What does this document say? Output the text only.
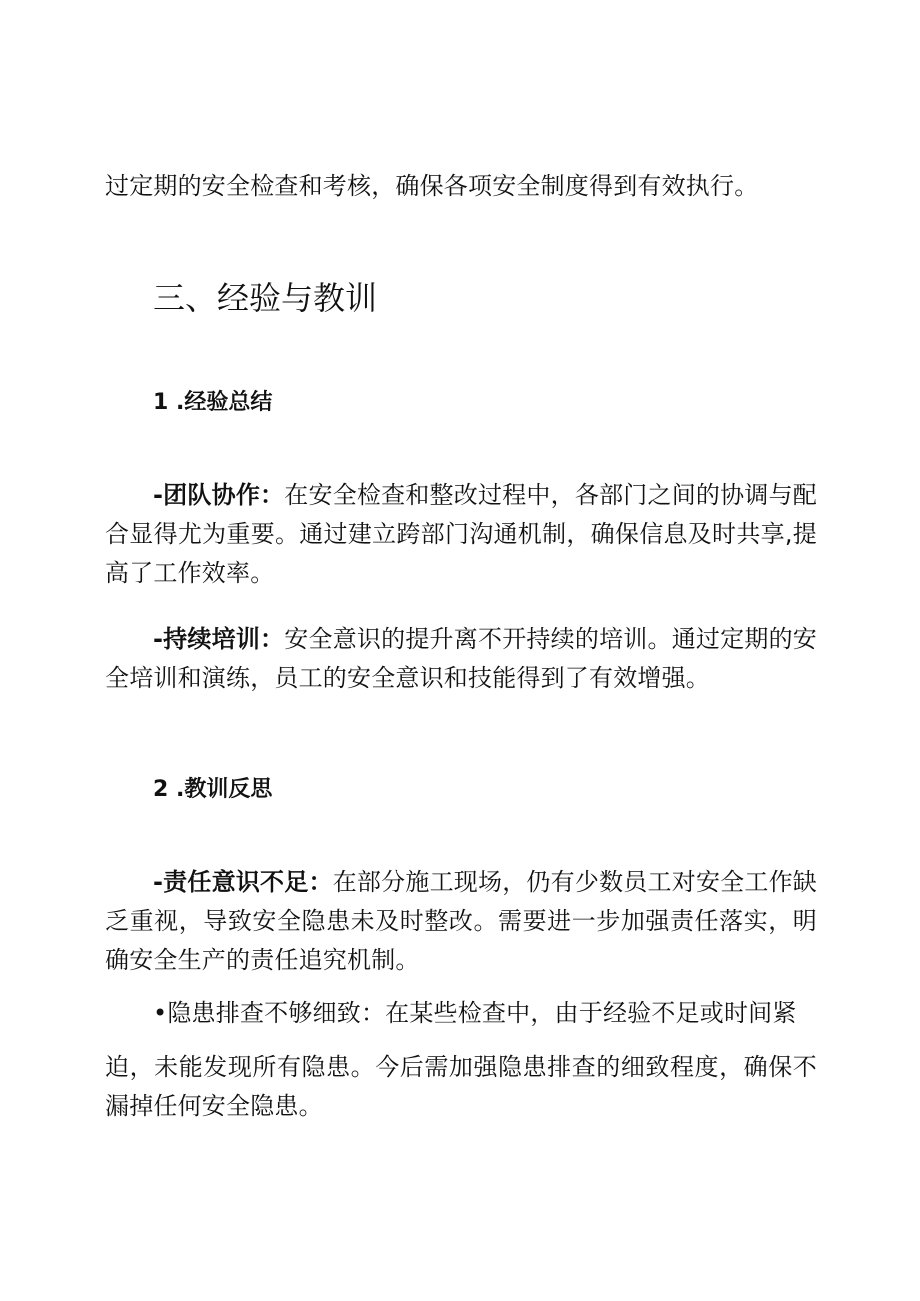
过定期的安全检查和考核，确保各项安全制度得到有效执行。

三、经验与教训
1 .经验总结

-团队协作：在安全检查和整改过程中，各部门之间的协调与配合显得尤为重要。通过建立跨部门沟通机制，确保信息及时共享,提高了工作效率。

-持续培训：安全意识的提升离不开持续的培训。通过定期的安全培训和演练，员工的安全意识和技能得到了有效增强。

2 .教训反思

-责任意识不足：在部分施工现场，仍有少数员工对安全工作缺乏重视，导致安全隐患未及时整改。需要进一步加强责任落实，明确安全生产的责任追究机制。

•隐患排查不够细致：在某些检查中，由于经验不足或时间紧

迫，未能发现所有隐患。今后需加强隐患排查的细致程度，确保不漏掉任何安全隐患。
